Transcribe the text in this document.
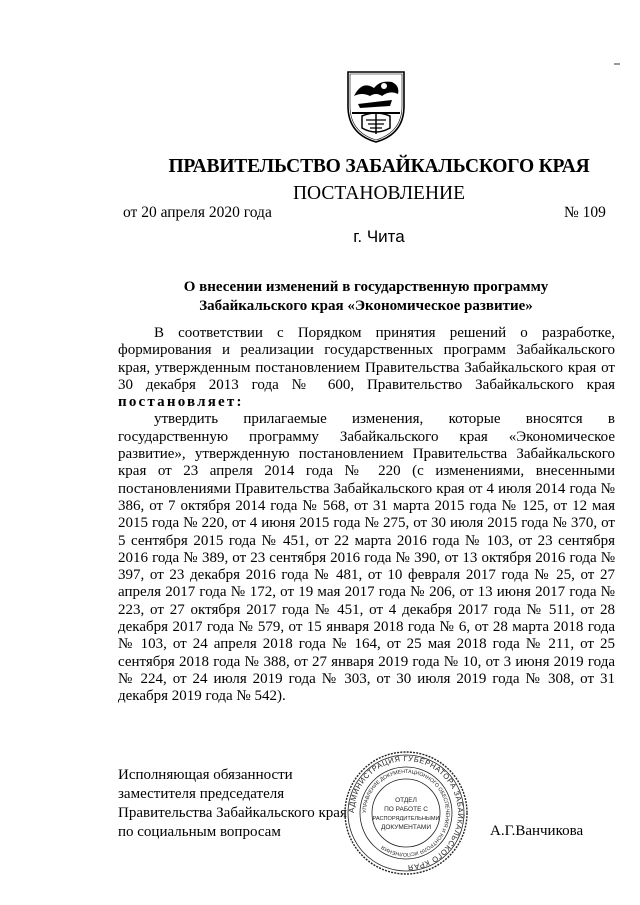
ПРАВИТЕЛЬСТВО ЗАБАЙКАЛЬСКОГО КРАЯ
ПОСТАНОВЛЕНИЕ
от 20 апреля 2020 года	№ 109
г. Чита
О внесении изменений в государственную программу
Забайкальского края «Экономическое развитие»

В соответствии с Порядком принятия решений о разработке, формирования и реализации государственных программ Забайкальского края, утвержденным постановлением Правительства Забайкальского края от 30 декабря 2013 года № 600, Правительство Забайкальского края постановляет:

утвердить прилагаемые изменения, которые вносятся в государственную программу Забайкальского края «Экономическое развитие», утвержденную постановлением Правительства Забайкальского края от 23 апреля 2014 года № 220 (с изменениями, внесенными постановлениями Правительства Забайкальского края от 4 июля 2014 года № 386, от 7 октября 2014 года № 568, от 31 марта 2015 года № 125, от 12 мая 2015 года № 220, от 4 июня 2015 года № 275, от 30 июля 2015 года № 370, от 5 сентября 2015 года № 451, от 22 марта 2016 года № 103, от 23 сентября 2016 года № 389, от 23 сентября 2016 года № 390, от 13 октября 2016 года № 397, от 23 декабря 2016 года № 481, от 10 февраля 2017 года № 25, от 27 апреля 2017 года № 172, от 19 мая 2017 года № 206, от 13 июня 2017 года № 223, от 27 октября 2017 года № 451, от 4 декабря 2017 года № 511, от 28 декабря 2017 года № 579, от 15 января 2018 года № 6, от 28 марта 2018 года № 103, от 24 апреля 2018 года № 164, от 25 мая 2018 года № 211, от 25 сентября 2018 года № 388, от 27 января 2019 года № 10, от 3 июня 2019 года № 224, от 24 июля 2019 года № 303, от 30 июля 2019 года № 308, от 31 декабря 2019 года № 542).

Исполняющая обязанности
заместителя председателя
Правительства Забайкальского края
по социальным вопросам
АДМИНИСТРАЦИЯ ГУБЕРНАТОРА ЗАБАЙКАЛЬСКОГО КРАЯ
УПРАВЛЕНИЕ ДОКУМЕНТАЦИОННОГО ОБЕСПЕЧЕНИЯ И КОНТРОЛЯ ИСПОЛНЕНИЯ
ОТДЕЛ
ПО РАБОТЕ С
РАСПОРЯДИТЕЛЬНЫМИ
ДОКУМЕНТАМИ	А.Г.Ванчикова
